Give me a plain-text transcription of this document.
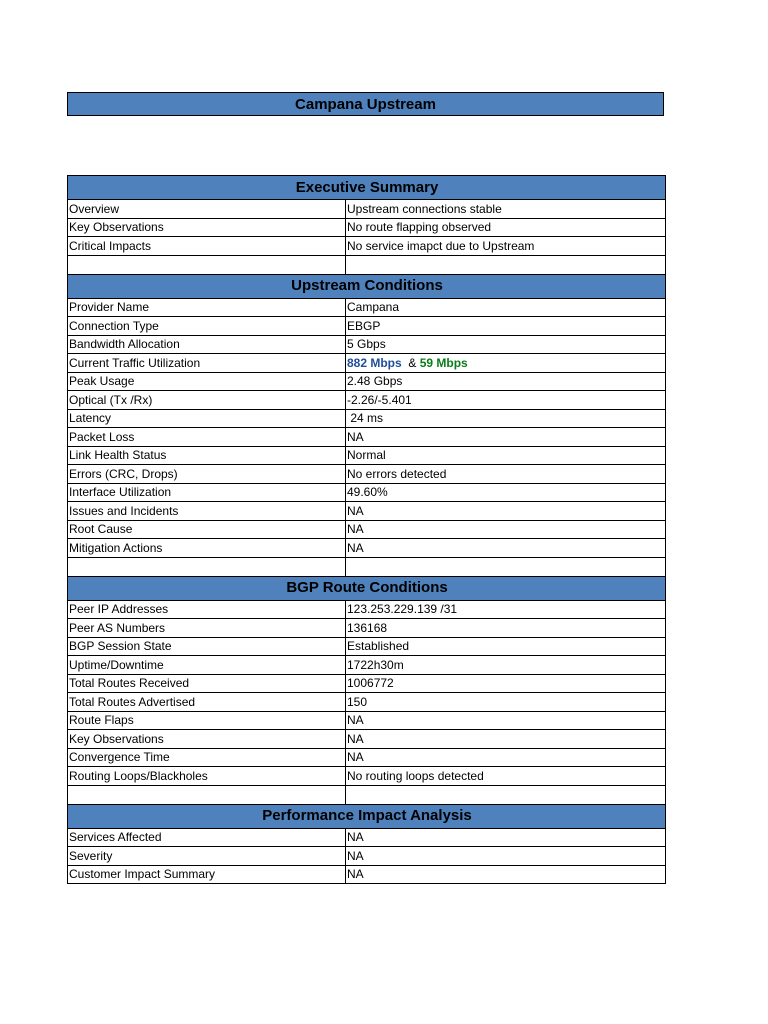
Campana Upstream
Executive Summary	
Overview	Upstream connections stable
Key Observations	No route flapping observed
Critical Impacts	No service imapct due to Upstream

Upstream Conditions	
Provider Name	Campana
Connection Type	EBGP
Bandwidth Allocation	5 Gbps
Current Traffic Utilization	882 Mbps & 59 Mbps
Peak Usage	2.48 Gbps
Optical (Tx /Rx)	-2.26/-5.401
Latency	24 ms
Packet Loss	NA
Link Health Status	Normal
Errors (CRC, Drops)	No errors detected
Interface Utilization	49.60%
Issues and Incidents	NA
Root Cause	NA
Mitigation Actions	NA

BGP Route Conditions	
Peer IP Addresses	123.253.229.139 /31
Peer AS Numbers	136168
BGP Session State	Established
Uptime/Downtime	1722h30m
Total Routes Received	1006772
Total Routes Advertised	150
Route Flaps	NA
Key Observations	NA
Convergence Time	NA
Routing Loops/Blackholes	No routing loops detected

Performance Impact Analysis	
Services Affected	NA
Severity	NA
Customer Impact Summary	NA
